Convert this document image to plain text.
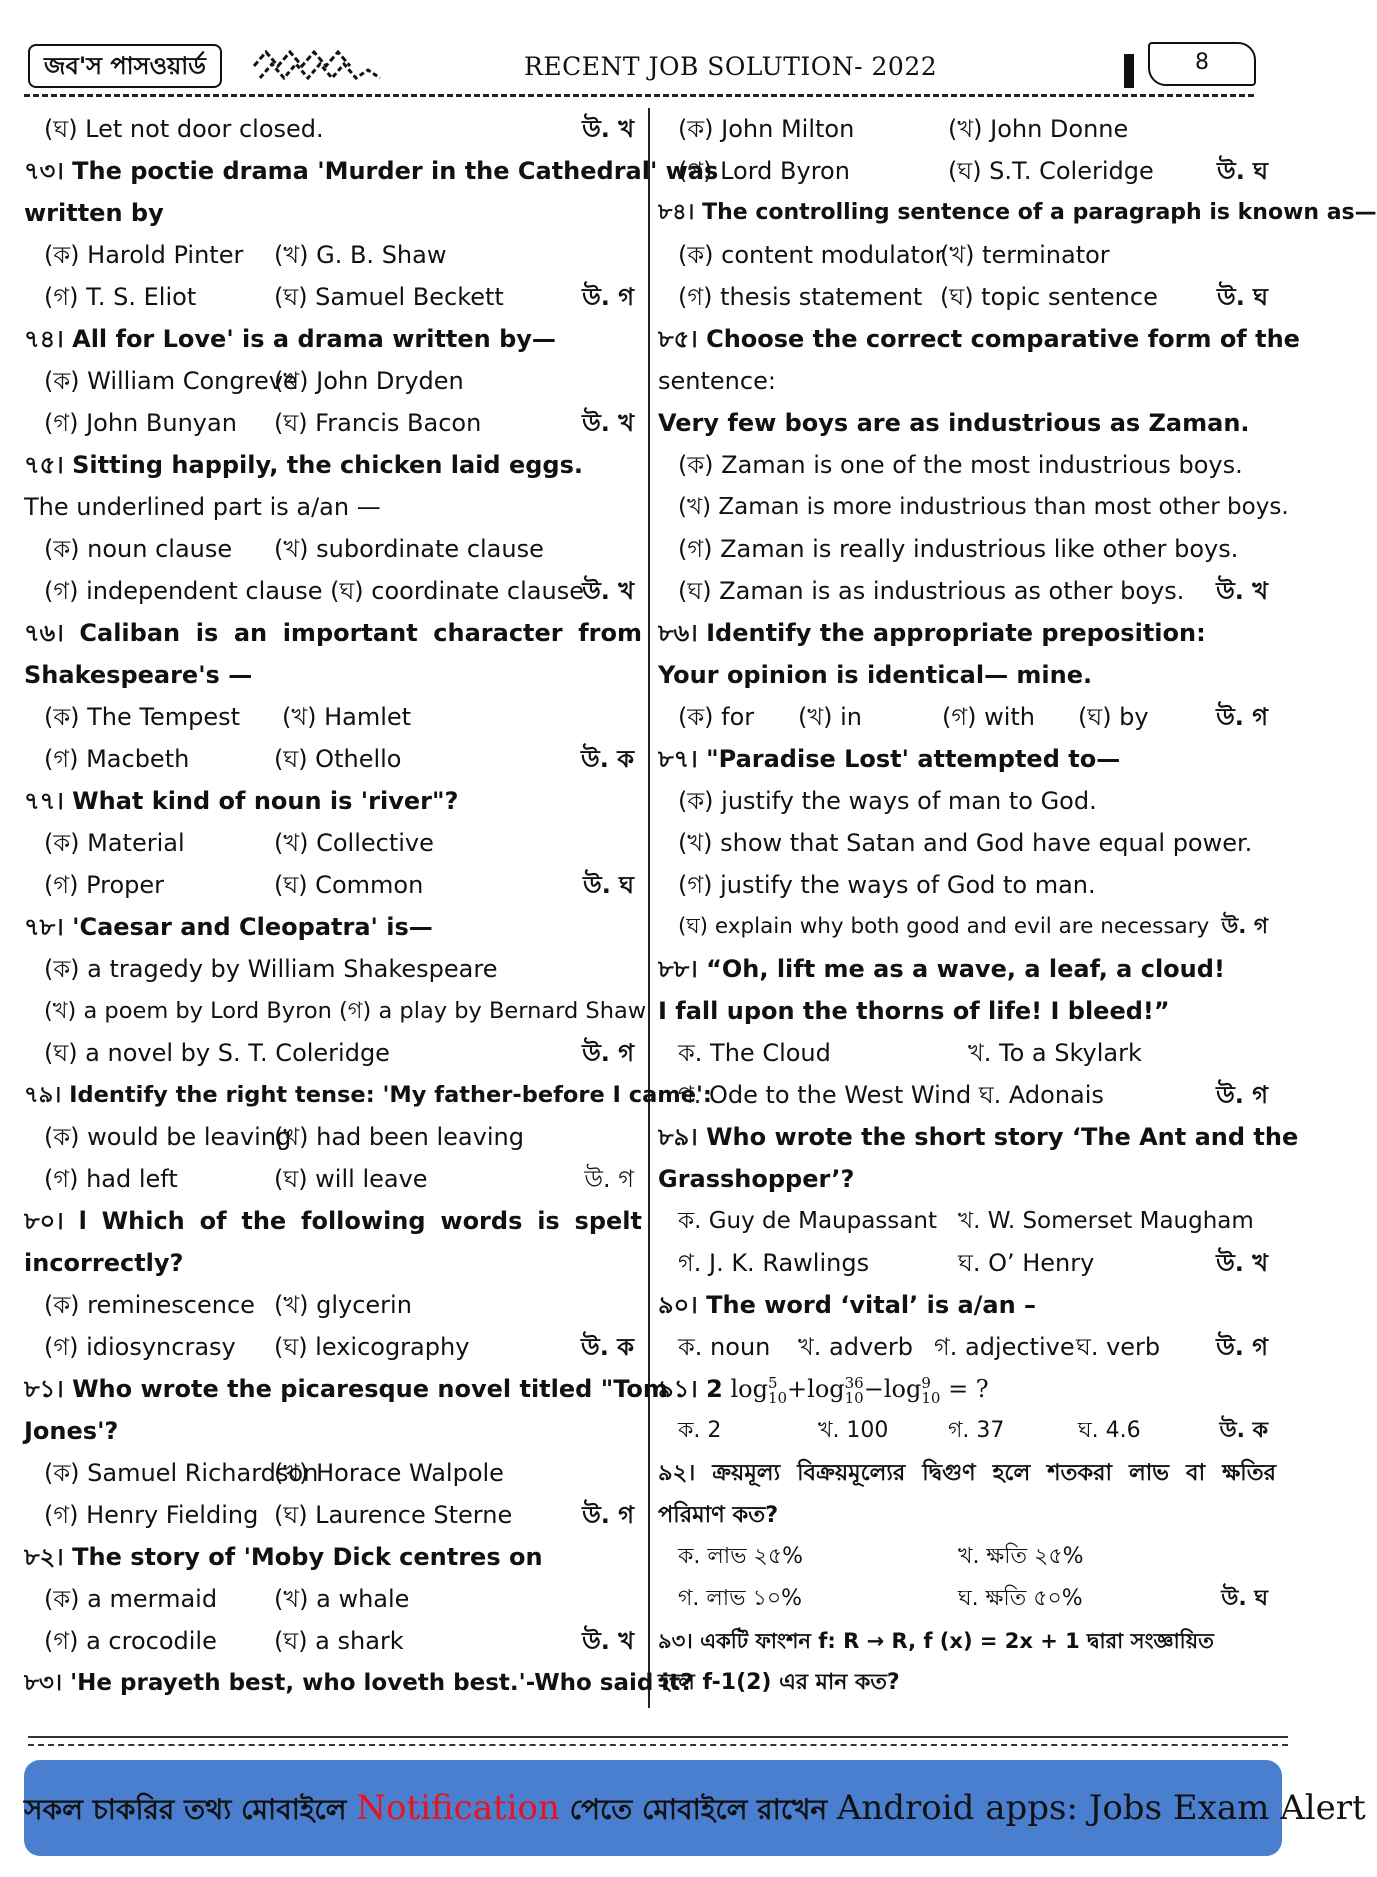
জব'স পাসওয়ার্ড	RECENT JOB SOLUTION- 2022	8
(ঘ) Let not door closed.	উ. খ
৭৩। The poctie drama 'Murder in the Cathedral' was
written by
(ক) Harold Pinter (খ) G. B. Shaw
(গ) T. S. Eliot	(ঘ) Samuel Beckett	উ. গ
৭৪। All for Love' is a drama written by—
(ক) William Congreve
(খ) John Dryden
(গ) John Bunyan (ঘ) Francis Bacon	উ. খ
৭৫। Sitting happily, the chicken laid eggs.
The underlined part is a/an —
(ক) noun clause (খ) subordinate clause
(গ) independent clause (ঘ) coordinate clause
উ. খ
৭৬। Caliban is an important character from
Shakespeare's —
(ক) The Tempest (খ) Hamlet
(গ) Macbeth	(ঘ) Othello	উ. ক
৭৭। What kind of noun is 'river"?
(ক) Material	(খ) Collective
(গ) Proper	(ঘ) Common	উ. ঘ
৭৮। 'Caesar and Cleopatra' is—
(ক) a tragedy by William Shakespeare
(খ) a poem by Lord Byron (গ) a play by Bernard Shaw
(ঘ) a novel by S. T. Coleridge	উ. গ
৭৯। Identify the right tense: 'My father-before I came':
(ক) would be leaving
(খ) had been leaving
(গ) had left	(ঘ) will leave	উ. গ
৮০। l Which of the following words is spelt
incorrectly?
(ক) reminescence (খ) glycerin
(গ) idiosyncrasy (ঘ) lexicography	উ. ক
৮১। Who wrote the picaresque novel titled "Tom
Jones'?
(ক) Samuel Richardson
(খ) Horace Walpole
(গ) Henry Fielding (ঘ) Laurence Sterne	উ. গ
৮২। The story of 'Moby Dick centres on
(ক) a mermaid (খ) a whale
(গ) a crocodile (ঘ) a shark	উ. খ
৮৩। 'He prayeth best, who loveth best.'-Who said it?
(ক) John Milton	(খ) John Donne
(গ) Lord Byron	(ঘ) S.T. Coleridge	উ. ঘ
৮৪। The controlling sentence of a paragraph is known as—
(ক) content modulator
(খ) terminator
(গ) thesis statement (ঘ) topic sentence উ. ঘ
৮৫। Choose the correct comparative form of the
sentence:
Very few boys are as industrious as Zaman.
(ক) Zaman is one of the most industrious boys.
(খ) Zaman is more industrious than most other boys.
(গ) Zaman is really industrious like other boys.
(ঘ) Zaman is as industrious as other boys. উ. খ
৮৬। Identify the appropriate preposition:
Your opinion is identical— mine.
(ক) for (খ) in	(গ) with (ঘ) by	উ. গ
৮৭। "Paradise Lost' attempted to—
(ক) justify the ways of man to God.
(খ) show that Satan and God have equal power.
(গ) justify the ways of God to man.
(ঘ) explain why both good and evil are necessary উ. গ
৮৮। “Oh, lift me as a wave, a leaf, a cloud!
I fall upon the thorns of life! I bleed!”
ক. The Cloud	খ. To a Skylark
গ. Ode to the West Wind ঘ. Adonais	উ. গ
৮৯। Who wrote the short story ‘The Ant and the
Grasshopper’?
ক. Guy de Maupassant খ. W. Somerset Maugham
গ. J. K. Rawlings	ঘ. O’ Henry	উ. খ
৯০। The word ‘vital’ is a/an –
ক. noun খ. adverb গ. adjective ঘ. verb উ. গ
৯১। 2 log 5
10 +log 36
10 −log 9
10 = ?
ক. 2	খ. 100	গ. 37	ঘ. 4.6	উ. ক
৯২। ক্রয়মূল্য বিক্রয়মূল্যের দ্বিগুণ হলে শতকরা লাভ বা ক্ষতির
পরিমাণ কত?
ক. লাভ ২৫%	খ. ক্ষতি ২৫%
গ. লাভ ১০%	ঘ. ক্ষতি ৫০%	উ. ঘ
৯৩। একটি ফাংশন f: R → R, f (x) = 2x + 1 দ্বারা সংজ্ঞায়িত
হলে f-1(2) এর মান কত?
সকল চাকরির তথ্য মোবাইলে Notification পেতে মোবাইলে রাখেন Android apps: Jobs Exam Alert
